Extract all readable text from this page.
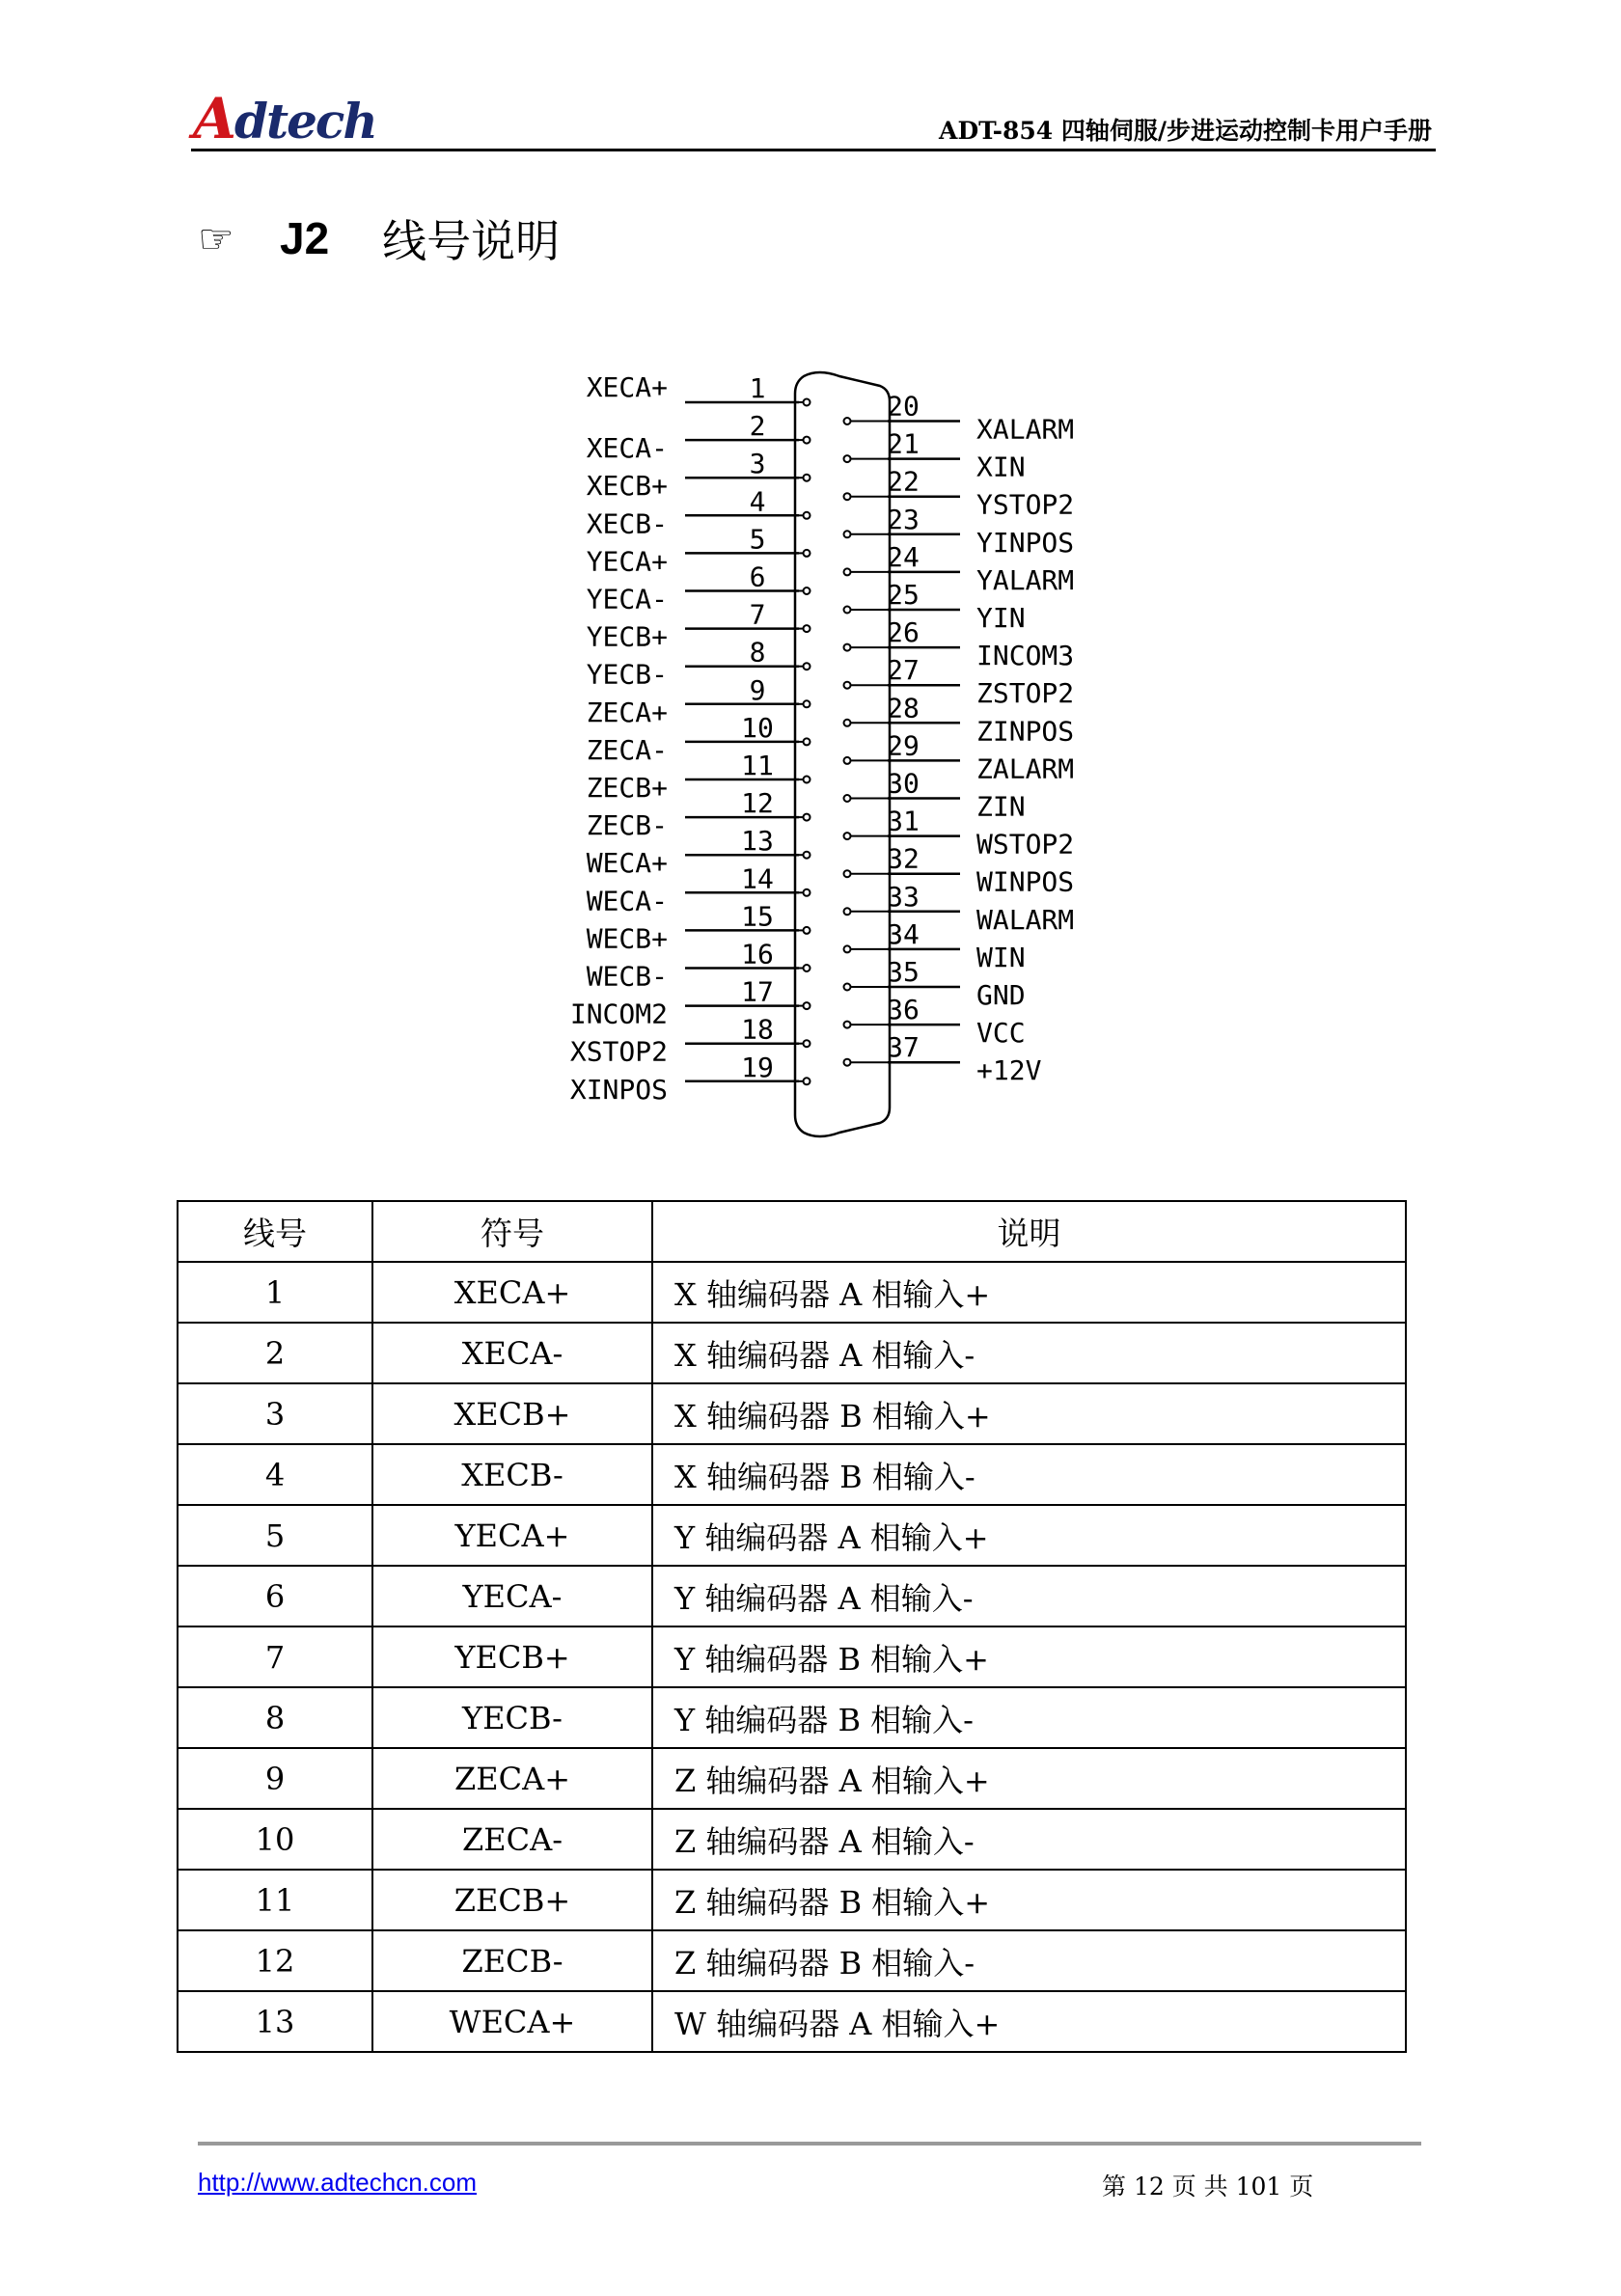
Adtech	ADT-854 四轴伺服/步进运动控制卡用户手册
☞	J2 线号说明
1
XECA+
2
XECA-	3
XECB+	4
XECB-	5
YECA+	6
YECA-	7
YECB+	8
YECB-	9
ZECA+	10
ZECA-	11
ZECB+	12
ZECB-	13
WECA+	14
WECA-	15
WECB+	16
WECB-	17
INCOM2	18
XSTOP2	19
XINPOS
20
XALARM
21
XIN
22
YSTOP2
23
YINPOS
24
YALARM
25
YIN
26
INCOM3
27
ZSTOP2
28
ZINPOS
29
ZALARM
30
ZIN
31
WSTOP2
32
WINPOS
33
WALARM
34
WIN
35
GND
36
VCC
37
+12V
线号	符号	说明
1	XECA+	X 轴编码器 A 相输入+
2	XECA-	X 轴编码器 A 相输入-
3	XECB+	X 轴编码器 B 相输入+
4	XECB-	X 轴编码器 B 相输入-
5	YECA+	Y 轴编码器 A 相输入+
6	YECA-	Y 轴编码器 A 相输入-
7	YECB+	Y 轴编码器 B 相输入+
8	YECB-	Y 轴编码器 B 相输入-
9	ZECA+	Z 轴编码器 A 相输入+
10	ZECA-	Z 轴编码器 A 相输入-
11	ZECB+	Z 轴编码器 B 相输入+
12	ZECB-	Z 轴编码器 B 相输入-
13	WECA+	W 轴编码器 A 相输入+
http://www.adtechcn.com	第 12 页 共 101 页
